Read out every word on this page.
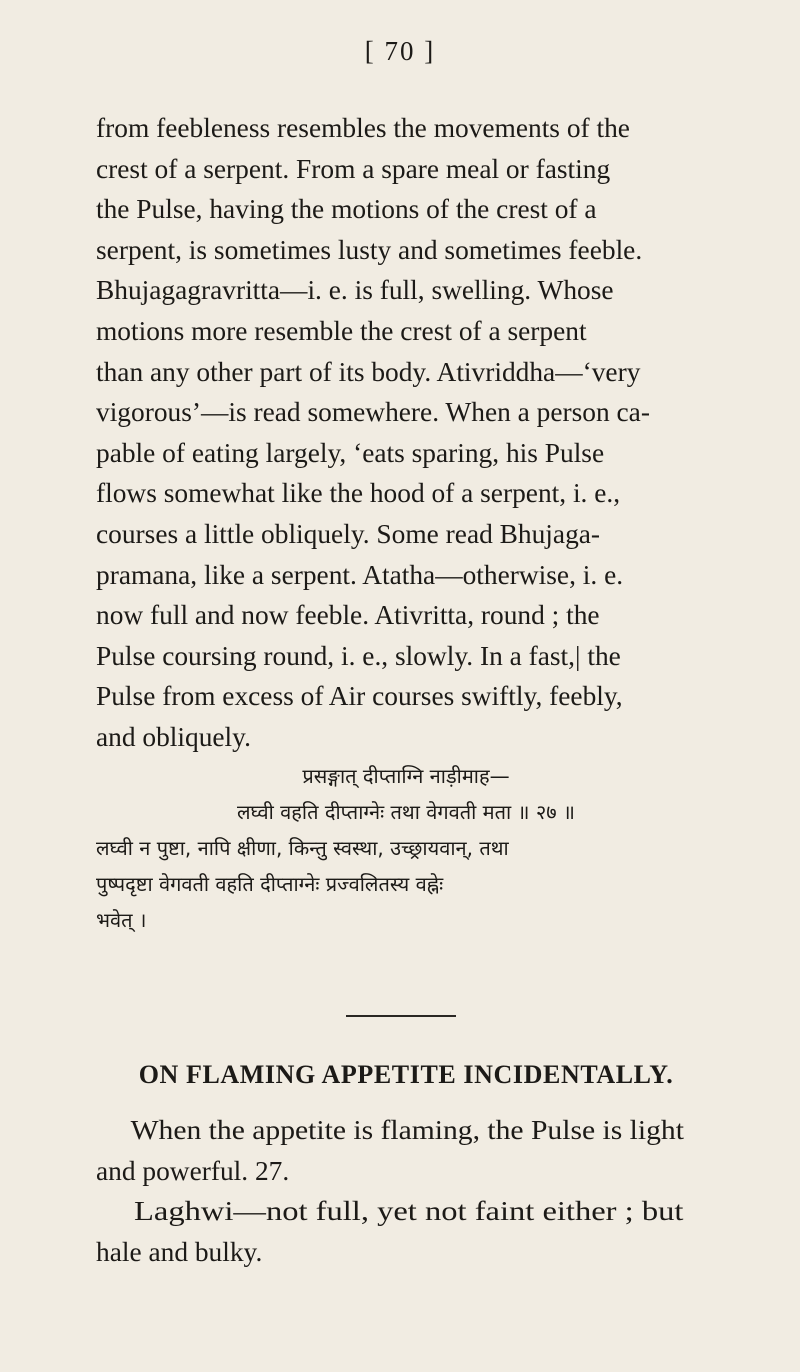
[ 70 ]
from feebleness resembles the movements of the
crest of a serpent. From a spare meal or fasting
the Pulse, having the motions of the crest of a
serpent, is sometimes lusty and sometimes feeble.
Bhujagagravritta—i. e. is full, swelling. Whose
motions more resemble the crest of a serpent
than any other part of its body. Ativriddha—‘very
vigorous’—is read somewhere. When a person ca-
pable of eating largely, ‘eats sparing, his Pulse
flows somewhat like the hood of a serpent, i. e.,
courses a little obliquely. Some read Bhujaga-
pramana, like a serpent. Atatha—otherwise, i. e.
now full and now feeble. Ativritta, round ; the
Pulse coursing round, i. e., slowly. In a fast,| the
Pulse from excess of Air courses swiftly, feebly,
and obliquely.
प्रसङ्गात् दीप्ताग्नि नाड़ीमाह—
लघ्वी वहति दीप्ताग्नेः तथा वेगवती मता ॥ २७ ॥
लघ्वी न पुष्टा, नापि क्षीणा, किन्तु स्वस्था, उच्छ्रायवान्, तथा
पुष्पदृष्टा वेगवती वहति दीप्ताग्नेः प्रज्वलितस्य वह्नेः
भवेत् ।
ON FLAMING APPETITE INCIDENTALLY.
When the appetite is flaming, the Pulse is light
and powerful. 27.
Laghwi—not full, yet not faint either ; but
hale and bulky.
